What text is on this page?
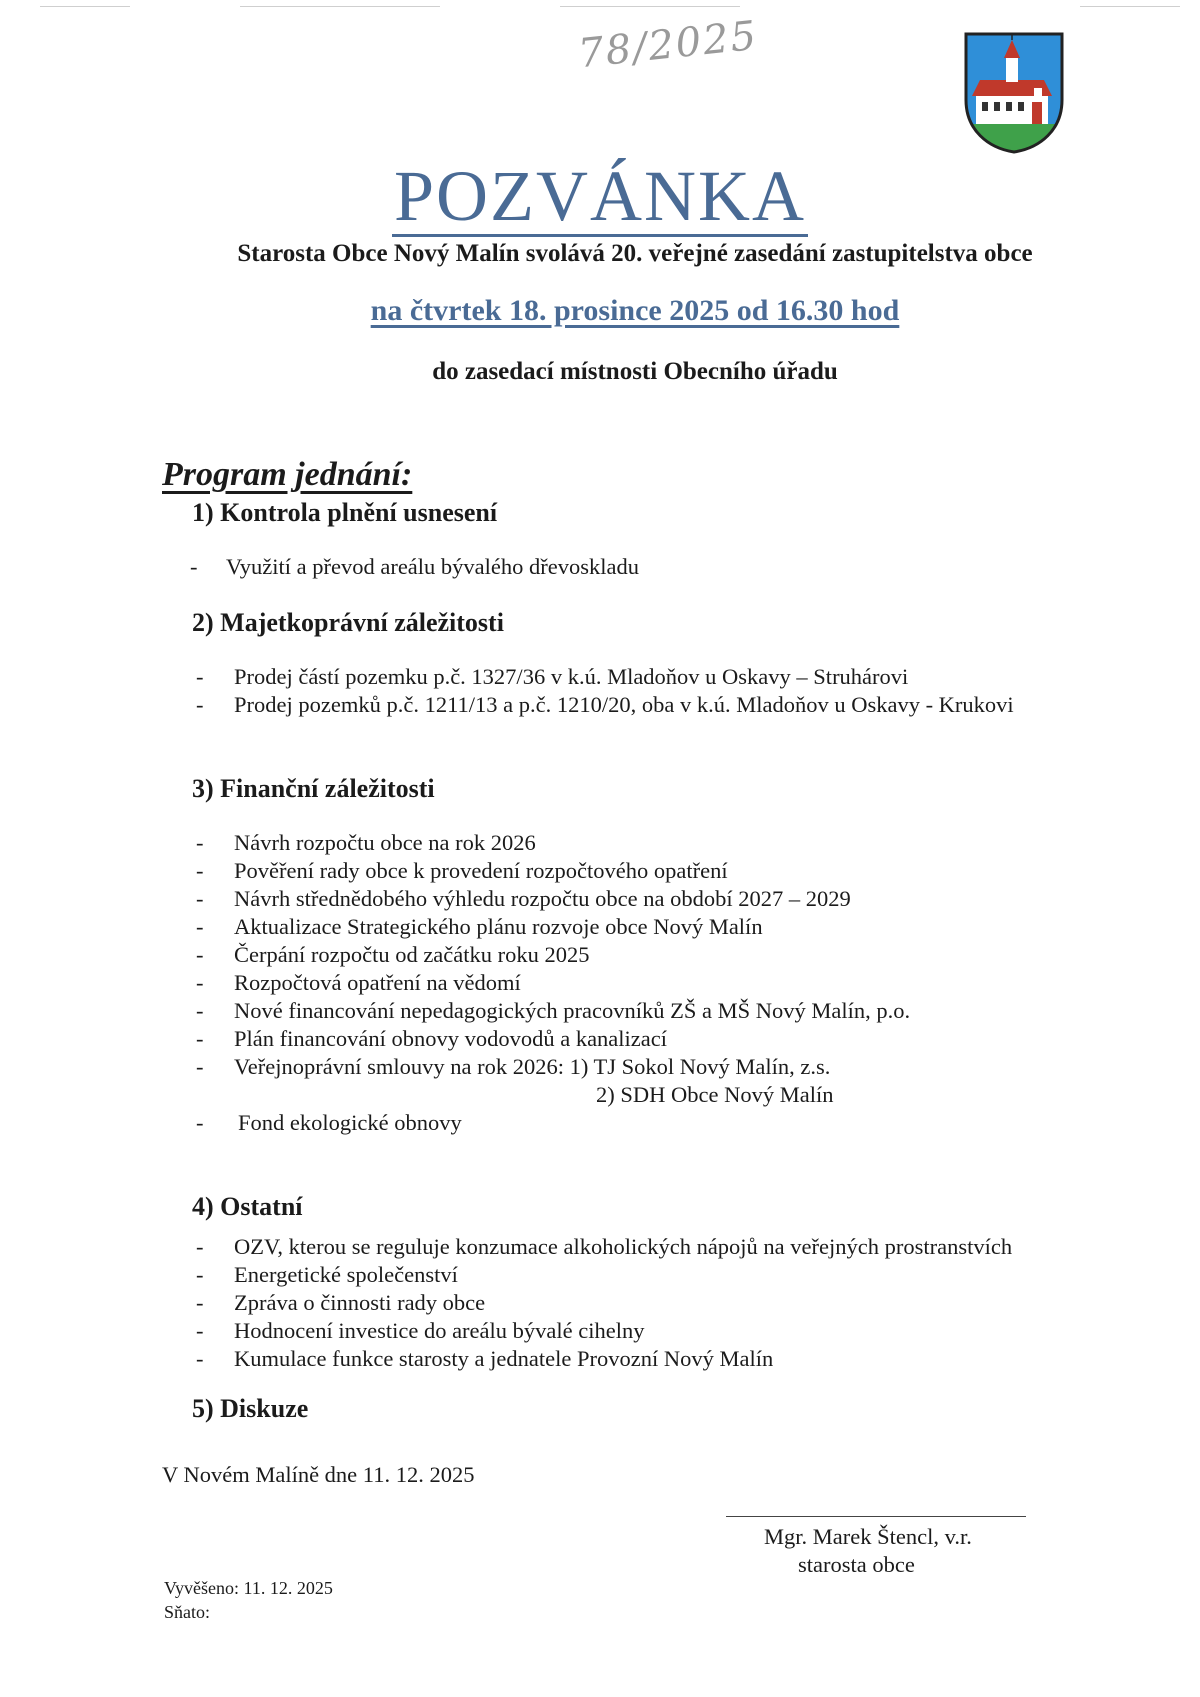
78/2025
POZVÁNKA
Starosta Obce Nový Malín svolává 20. veřejné zasedání zastupitelstva obce
na čtvrtek 18. prosince 2025 od 16.30 hod
do zasedací místnosti Obecního úřadu
Program jednání:
1) Kontrola plnění usnesení
- Využití a převod areálu bývalého dřevoskladu
2) Majetkoprávní záležitosti
- Prodej částí pozemku p.č. 1327/36 v k.ú. Mladoňov u Oskavy – Struhárovi
- Prodej pozemků p.č. 1211/13 a p.č. 1210/20, oba v k.ú. Mladoňov u Oskavy - Krukovi
3) Finanční záležitosti
- Návrh rozpočtu obce na rok 2026
- Pověření rady obce k provedení rozpočtového opatření
- Návrh střednědobého výhledu rozpočtu obce na období 2027 – 2029
- Aktualizace Strategického plánu rozvoje obce Nový Malín
- Čerpání rozpočtu od začátku roku 2025
- Rozpočtová opatření na vědomí
- Nové financování nepedagogických pracovníků ZŠ a MŠ Nový Malín, p.o.
- Plán financování obnovy vodovodů a kanalizací
- Veřejnoprávní smlouvy na rok 2026: 1) TJ Sokol Nový Malín, z.s.
2) SDH Obce Nový Malín
- Fond ekologické obnovy
4) Ostatní
- OZV, kterou se reguluje konzumace alkoholických nápojů na veřejných prostranstvích
- Energetické společenství
- Zpráva o činnosti rady obce
- Hodnocení investice do areálu bývalé cihelny
- Kumulace funkce starosty a jednatele Provozní Nový Malín
5) Diskuze
V Novém Malíně dne 11. 12. 2025
Mgr. Marek Štencl, v.r.
starosta obce
Vyvěšeno: 11. 12. 2025
Sňato:
